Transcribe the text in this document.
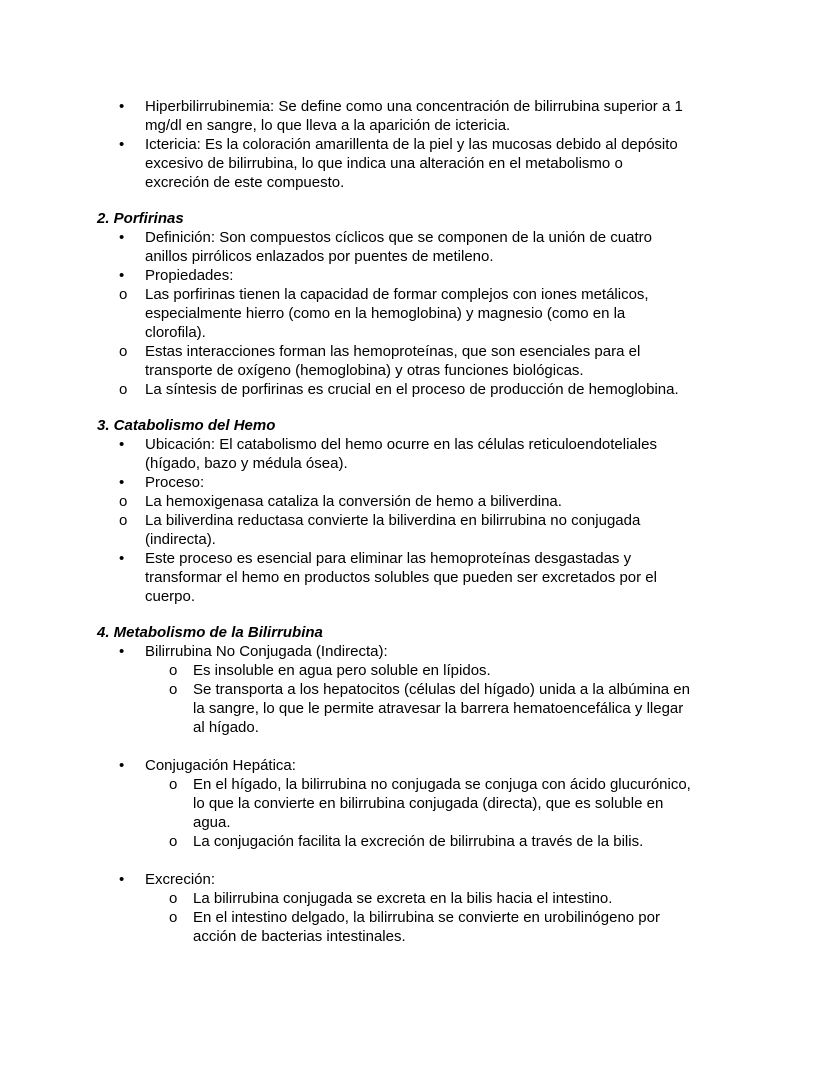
• Hiperbilirrubinemia: Se define como una concentración de bilirrubina superior a 1
mg/dl en sangre, lo que lleva a la aparición de ictericia.
• Ictericia: Es la coloración amarillenta de la piel y las mucosas debido al depósito
excesivo de bilirrubina, lo que indica una alteración en el metabolismo o
excreción de este compuesto.
2. Porfirinas
• Definición: Son compuestos cíclicos que se componen de la unión de cuatro
anillos pirrólicos enlazados por puentes de metileno.
• Propiedades:
o Las porfirinas tienen la capacidad de formar complejos con iones metálicos,
especialmente hierro (como en la hemoglobina) y magnesio (como en la
clorofila).
o Estas interacciones forman las hemoproteínas, que son esenciales para el
transporte de oxígeno (hemoglobina) y otras funciones biológicas.
o La síntesis de porfirinas es crucial en el proceso de producción de hemoglobina.
3. Catabolismo del Hemo
• Ubicación: El catabolismo del hemo ocurre en las células reticuloendoteliales
(hígado, bazo y médula ósea).
• Proceso:
o La hemoxigenasa cataliza la conversión de hemo a biliverdina.
o La biliverdina reductasa convierte la biliverdina en bilirrubina no conjugada
(indirecta).
• Este proceso es esencial para eliminar las hemoproteínas desgastadas y
transformar el hemo en productos solubles que pueden ser excretados por el
cuerpo.
4. Metabolismo de la Bilirrubina
• Bilirrubina No Conjugada (Indirecta):
o Es insoluble en agua pero soluble en lípidos.
o Se transporta a los hepatocitos (células del hígado) unida a la albúmina en
la sangre, lo que le permite atravesar la barrera hematoencefálica y llegar
al hígado.
• Conjugación Hepática:
o En el hígado, la bilirrubina no conjugada se conjuga con ácido glucurónico,
lo que la convierte en bilirrubina conjugada (directa), que es soluble en
agua.
o La conjugación facilita la excreción de bilirrubina a través de la bilis.
• Excreción:
o La bilirrubina conjugada se excreta en la bilis hacia el intestino.
o En el intestino delgado, la bilirrubina se convierte en urobilinógeno por
acción de bacterias intestinales.
